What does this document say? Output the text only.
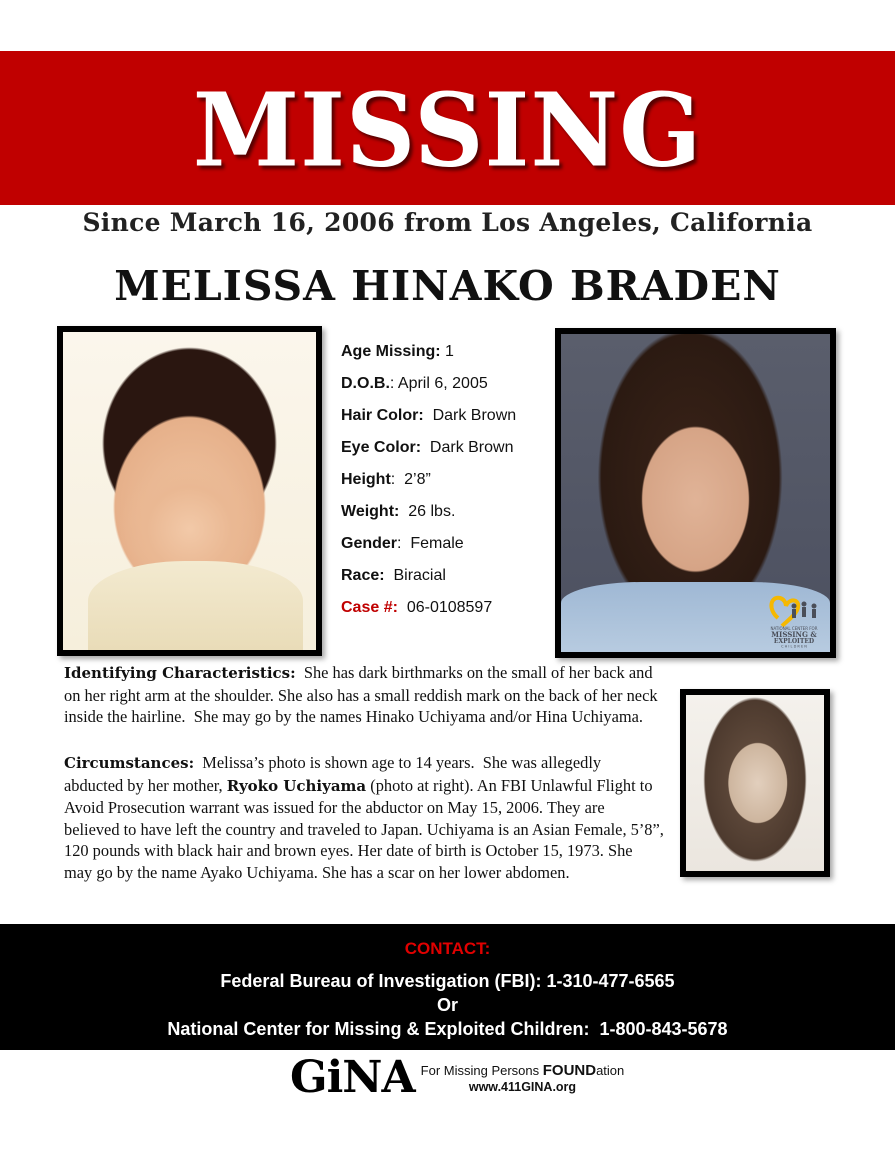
MISSING
Since March 16, 2006 from Los Angeles, California
MELISSA HINAKO BRADEN
Age Missing: 1
D.O.B.: April 6, 2005
Hair Color:  Dark Brown
Eye Color:  Dark Brown
Height:  2’8”
Weight:  26 lbs.
Gender:  Female
Race:  Biracial
Case #:  06-0108597
NATIONAL CENTER FOR
MISSING &
EXPLOITED
C H I L D R E N
Identifying Characteristics:  She has dark birthmarks on the small of her back and on her right arm at the shoulder. She also has a small reddish mark on the back of her neck inside the hairline.  She may go by the names Hinako Uchiyama and/or Hina Uchiyama.
Circumstances:  Melissa’s photo is shown age to 14 years.  She was allegedly abducted by her mother, Ryoko Uchiyama (photo at right). An FBI Unlawful Flight to Avoid Prosecution warrant was issued for the abductor on May 15, 2006. They are believed to have left the country and traveled to Japan. Uchiyama is an Asian Female, 5’8”, 120 pounds with black hair and brown eyes. Her date of birth is October 15, 1973. She may go by the name Ayako Uchiyama. She has a scar on her lower abdomen.
CONTACT:
Federal Bureau of Investigation (FBI): 1-310-477-6565
Or
National Center for Missing & Exploited Children:  1-800-843-5678
GiNA For Missing Persons FOUNDation
www.411GINA.org
